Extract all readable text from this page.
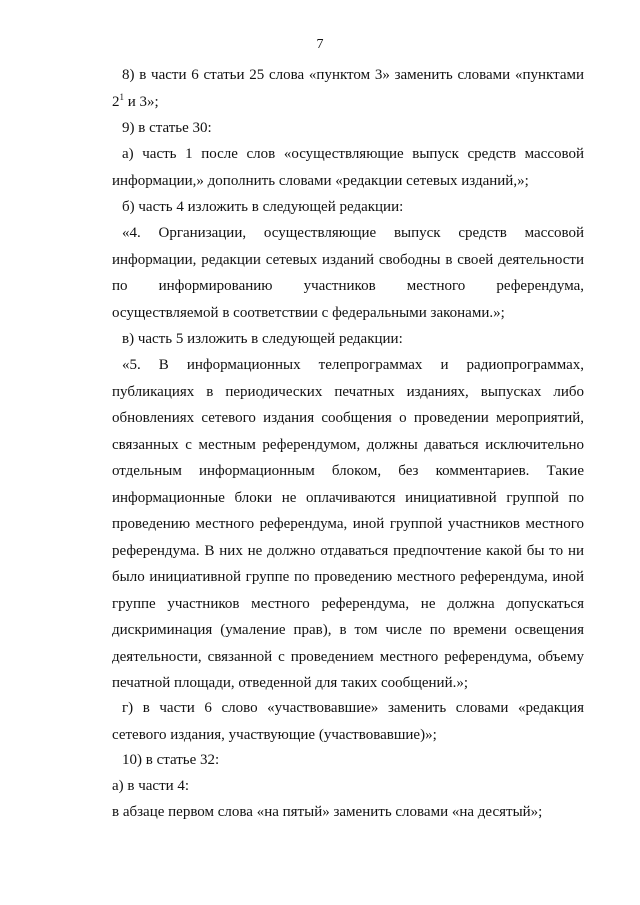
7

8) в части 6 статьи 25 слова «пунктом 3» заменить словами «пунктами $2^1$ и 3»;

9) в статье 30:

а) часть 1 после слов «осуществляющие выпуск средств массовой информации,» дополнить словами «редакции сетевых изданий,»;

б) часть 4 изложить в следующей редакции:

«4. Организации, осуществляющие выпуск средств массовой информации, редакции сетевых изданий свободны в своей деятельности по информированию участников местного референдума, осуществляемой в соответствии с федеральными законами.»;

в) часть 5 изложить в следующей редакции:

«5. В информационных телепрограммах и радиопрограммах, публикациях в периодических печатных изданиях, выпусках либо обновлениях сетевого издания сообщения о проведении мероприятий, связанных с местным референдумом, должны даваться исключительно отдельным информационным блоком, без комментариев. Такие информационные блоки не оплачиваются инициативной группой по проведению местного референдума, иной группой участников местного референдума. В них не должно отдаваться предпочтение какой бы то ни было инициативной группе по проведению местного референдума, иной группе участников местного референдума, не должна допускаться дискриминация (умаление прав), в том числе по времени освещения деятельности, связанной с проведением местного референдума, объему печатной площади, отведенной для таких сообщений.»;

г) в части 6 слово «участвовавшие» заменить словами «редакция сетевого издания, участвующие (участвовавшие)»;

10) в статье 32:

а) в части 4:

в абзаце первом слова «на пятый» заменить словами «на десятый»;
